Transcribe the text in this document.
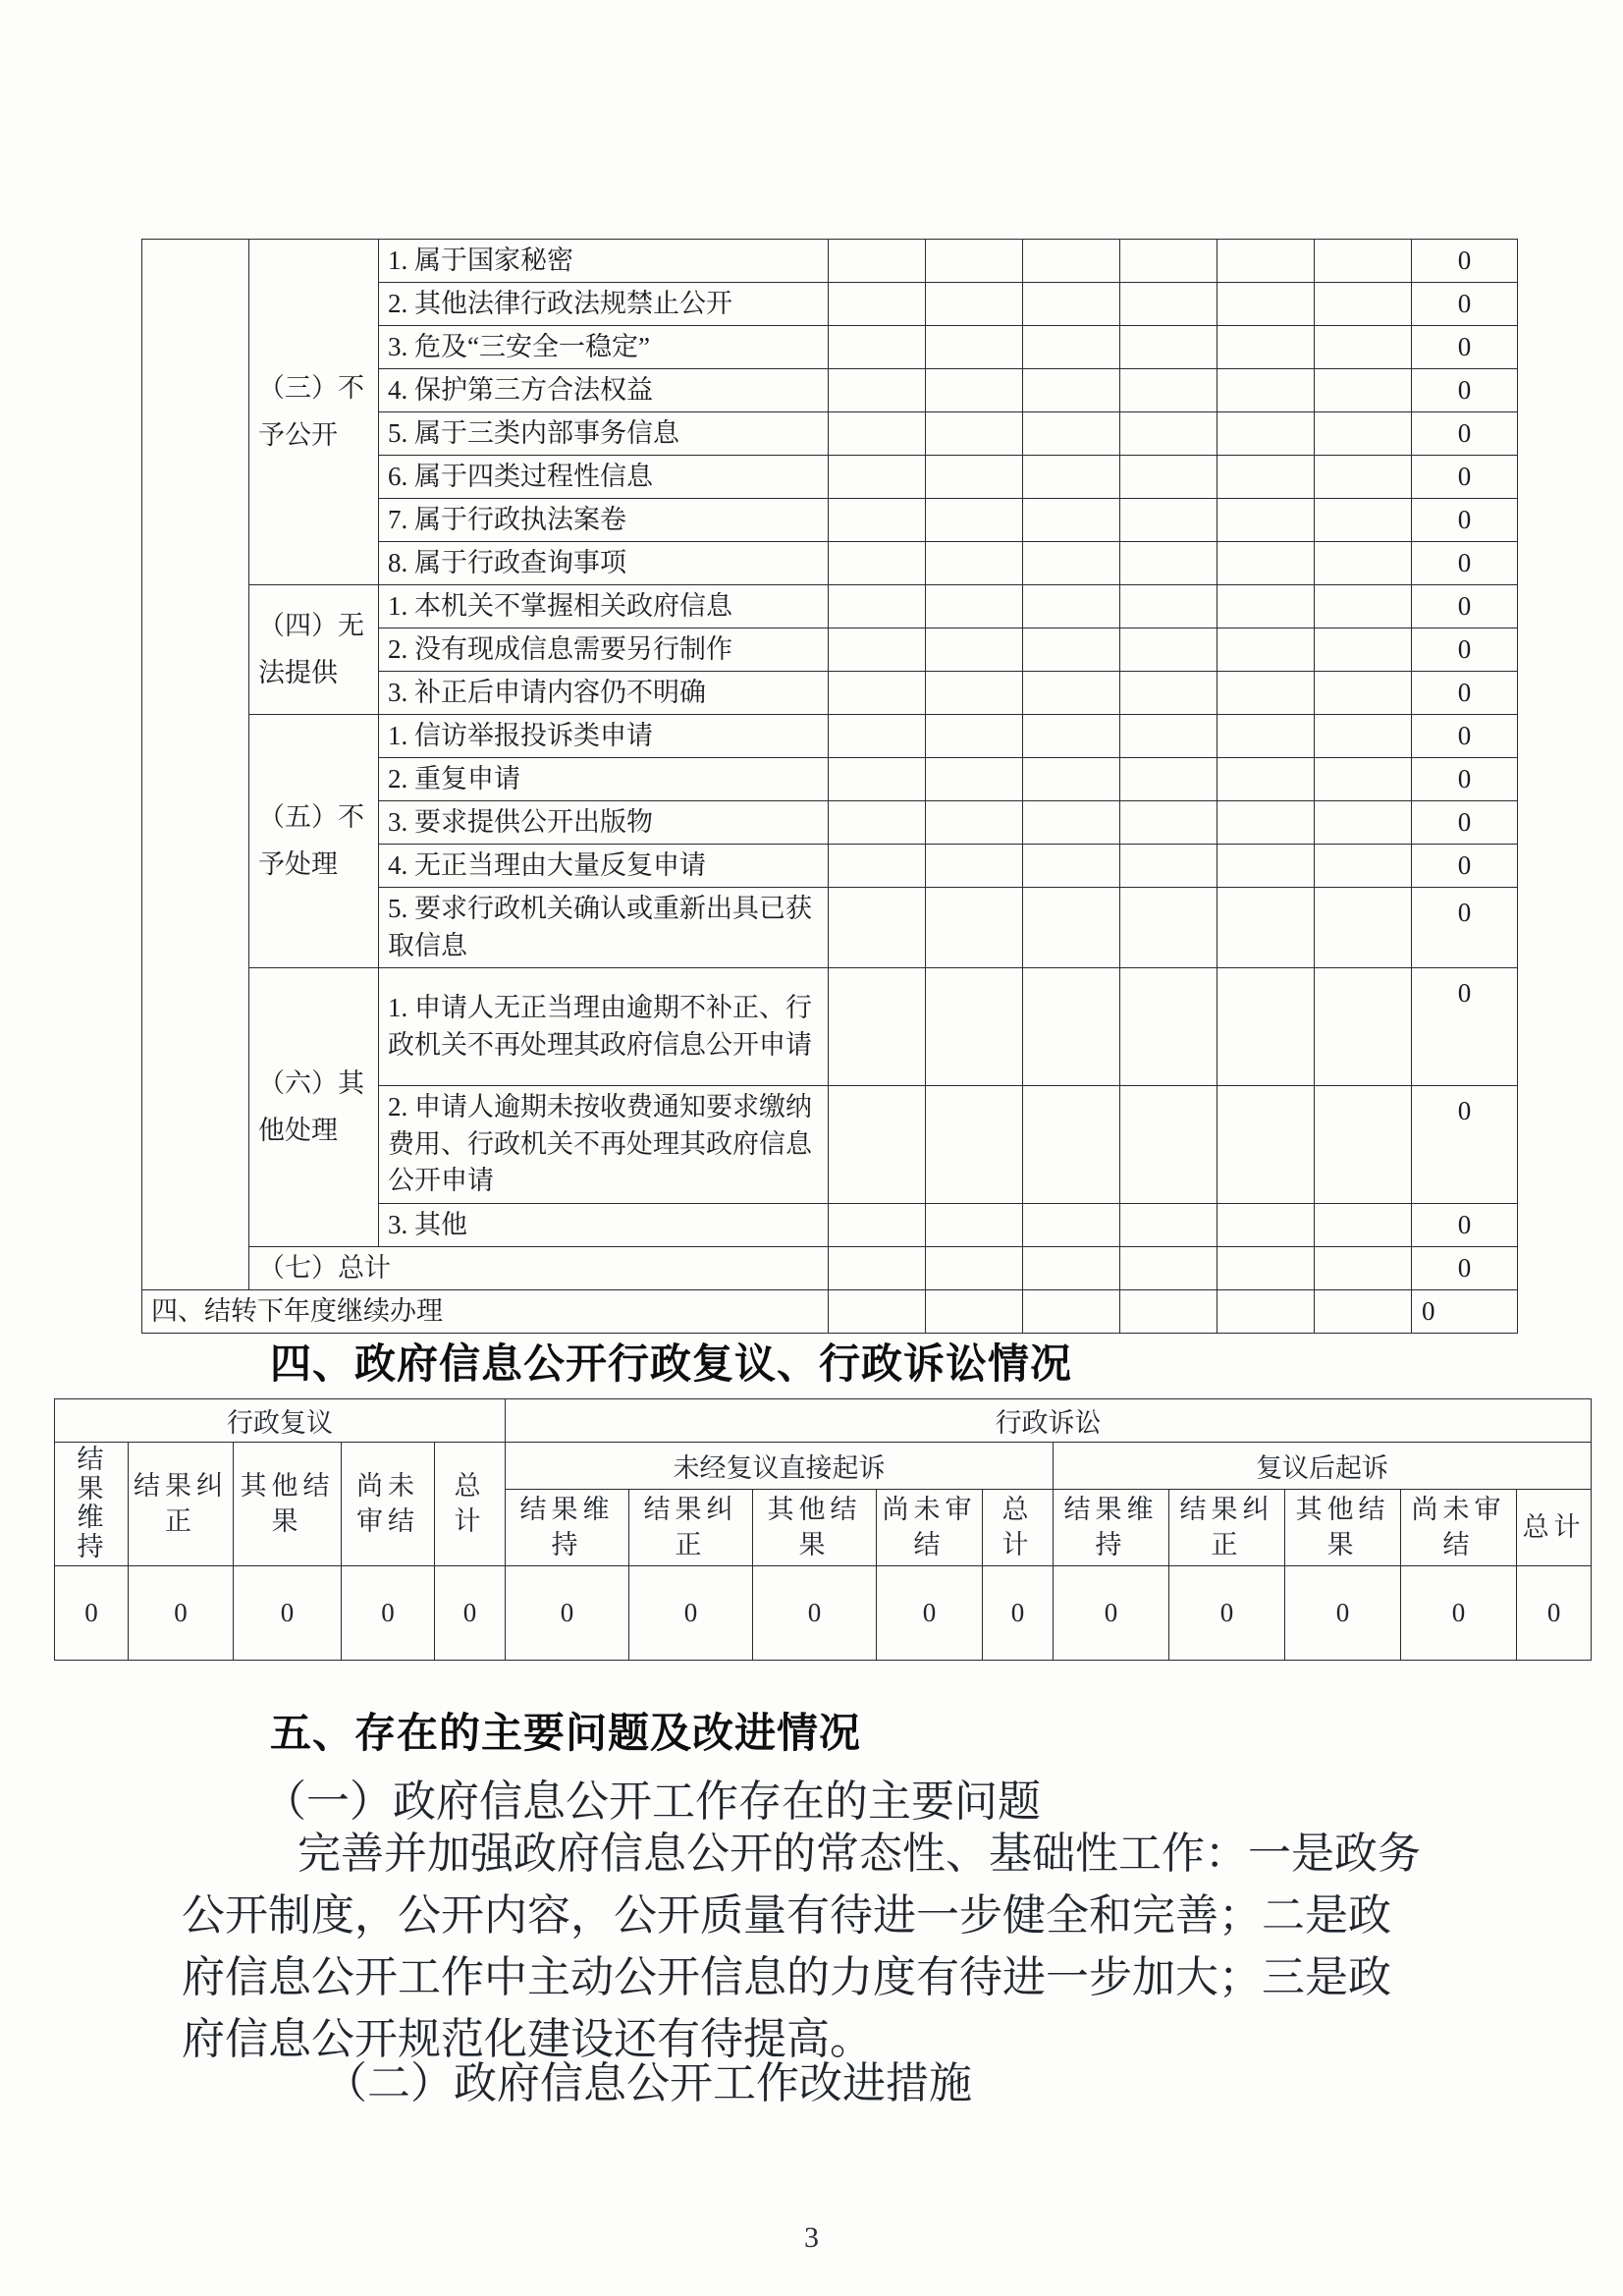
	（三）不予公开	1. 属于国家秘密							0
		2. 其他法律行政法规禁止公开							0
		3. 危及“三安全一稳定”							0
		4. 保护第三方合法权益							0
		5. 属于三类内部事务信息							0
		6. 属于四类过程性信息							0
		7. 属于行政执法案卷							0
		8. 属于行政查询事项							0
	（四）无法提供	1. 本机关不掌握相关政府信息							0
		2. 没有现成信息需要另行制作							0
		3. 补正后申请内容仍不明确							0
	（五）不予处理	1. 信访举报投诉类申请							0
		2. 重复申请							0
		3. 要求提供公开出版物							0
		4. 无正当理由大量反复申请							0
		5. 要求行政机关确认或重新出具已获取信息							0
	（六）其他处理	1. 申请人无正当理由逾期不补正、行政机关不再处理其政府信息公开申请							0
		2. 申请人逾期未按收费通知要求缴纳费用、行政机关不再处理其政府信息公开申请							0
		3. 其他							0
	（七）总计								0
四、结转下年度继续办理									0
四、政府信息公开行政复议、行政诉讼情况
行政复议					行政诉讼									
结果维持	结果纠正	其他结果	尚未审结	总计	未经复议直接起诉					复议后起诉				
					结果维持	结果纠正	其他结果	尚未审结	总计	结果维持	结果纠正	其他结果	尚未审结	总计
0	0	0	0	0	0	0	0	0	0	0	0	0	0	0
五、存在的主要问题及改进情况
（一）政府信息公开工作存在的主要问题
完善并加强政府信息公开的常态性、基础性工作：一是政务
公开制度，公开内容，公开质量有待进一步健全和完善；二是政
府信息公开工作中主动公开信息的力度有待进一步加大；三是政
府信息公开规范化建设还有待提高。
（二）政府信息公开工作改进措施
3
